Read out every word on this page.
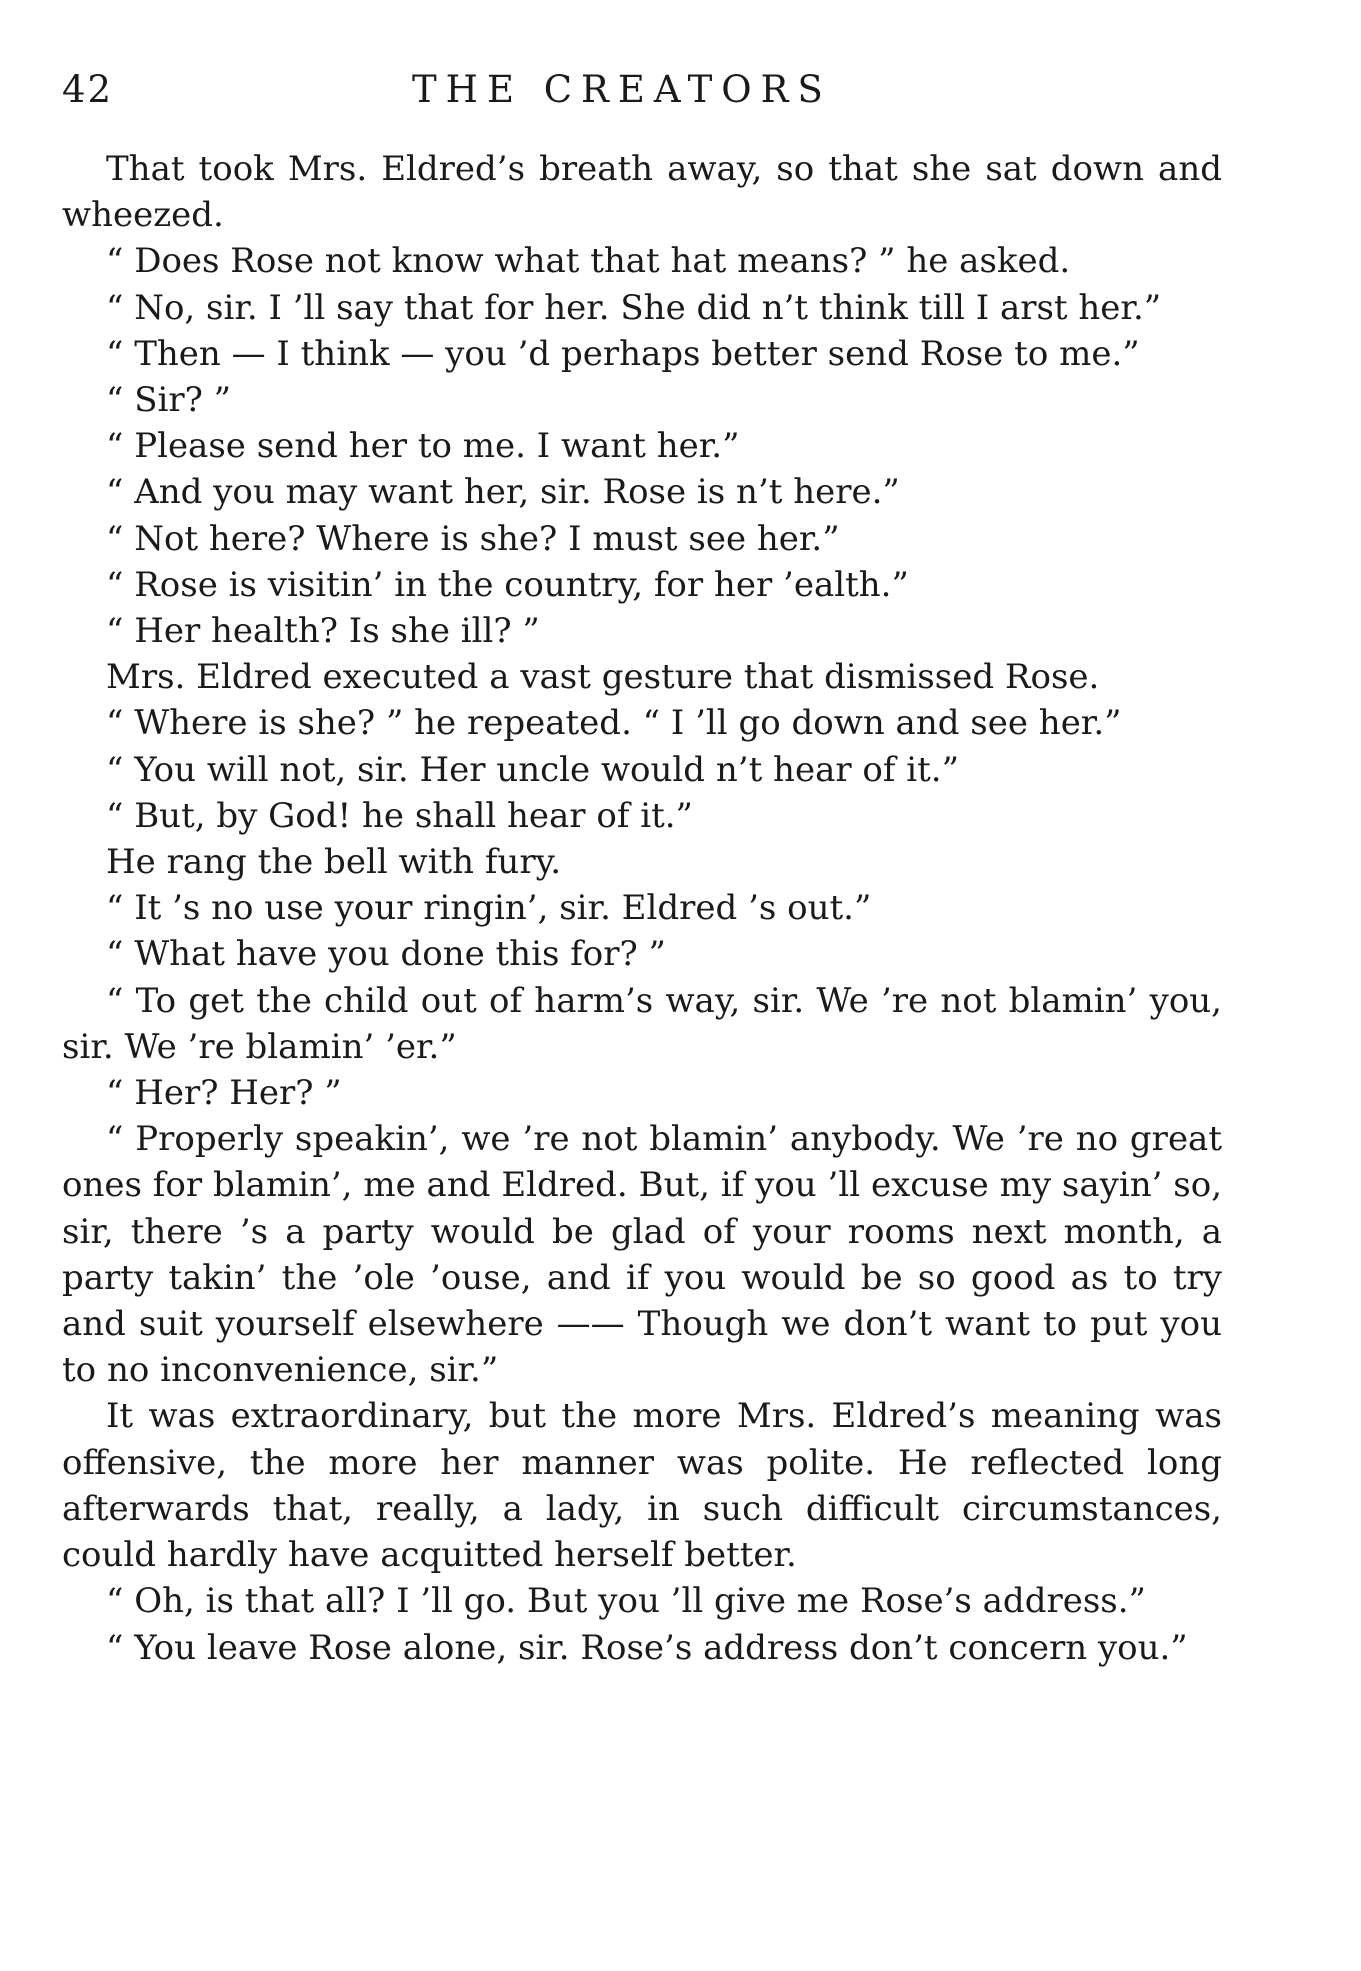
42	THE CREATORS

That took Mrs. Eldred’s breath away, so that she sat down and wheezed.

“ Does Rose not know what that hat means? ” he asked.

“ No, sir. I ’ll say that for her. She did n’t think till I arst her.”

“ Then — I think — you ’d perhaps better send Rose to me.”

“ Sir? ”

“ Please send her to me. I want her.”

“ And you may want her, sir. Rose is n’t here.”

“ Not here? Where is she? I must see her.”

“ Rose is visitin’ in the country, for her ’ealth.”

“ Her health? Is she ill? ”

Mrs. Eldred executed a vast gesture that dismissed Rose.

“ Where is she? ” he repeated. “ I ’ll go down and see her.”

“ You will not, sir. Her uncle would n’t hear of it.”

“ But, by God! he shall hear of it.”

He rang the bell with fury.

“ It ’s no use your ringin’, sir. Eldred ’s out.”

“ What have you done this for? ”

“ To get the child out of harm’s way, sir. We ’re not blamin’ you, sir. We ’re blamin’ ’er.”

“ Her? Her? ”

“ Properly speakin’, we ’re not blamin’ anybody. We ’re no great ones for blamin’, me and Eldred. But, if you ’ll excuse my sayin’ so, sir, there ’s a party would be glad of your rooms next month, a party takin’ the ’ole ’ouse, and if you would be so good as to try and suit yourself elsewhere —— Though we don’t want to put you to no inconvenience, sir.”

It was extraordinary, but the more Mrs. Eldred’s meaning was offensive, the more her manner was polite. He reflected long afterwards that, really, a lady, in such difficult circumstances, could hardly have acquitted herself better.

“ Oh, is that all? I ’ll go. But you ’ll give me Rose’s address.”

“ You leave Rose alone, sir. Rose’s address don’t concern you.”
